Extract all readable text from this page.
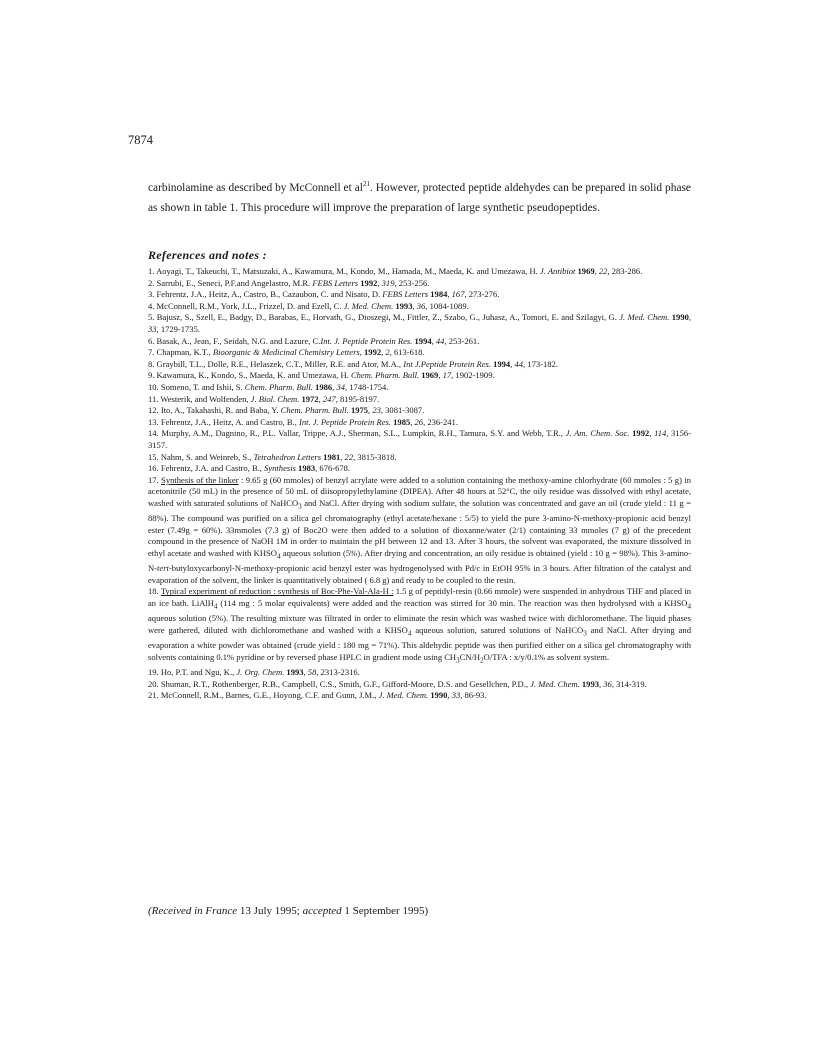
7874
carbinolamine as described by McConnell et $al^{21}$. However, protected peptide aldehydes can be prepared in solid phase as shown in table 1. This procedure will improve the preparation of large synthetic pseudopeptides.
References and notes :

1. Aoyagi, T., Takeuchi, T., Matsuzaki, A., Kawamura, M., Kondo, M., Hamada, M., Maeda, K. and Umezawa, H. J. Antibiot 1969, 22, 283-286.

2. Sarrubi, E., Seneci, P.F.and Angelastro, M.R. FEBS Letters 1992, 319, 253-256.

3. Fehrentz, J.A., Heitz, A., Castro, B., Cazaubon, C. and Nisato, D. FEBS Letters 1984, 167, 273-276.

4. McConnell, R.M., York, J.L., Frizzel, D. and Ezell, C. J. Med. Chem. 1993, 36, 1084-1089.

5. Bajusz, S., Szell, E., Badgy, D., Barabas, E., Horvath, G., Dioszegi, M., Fittler, Z., Szabo, G., Juhasz, A., Tomori, E. and Szilagyi, G. J. Med. Chem. 1990, 33, 1729-1735.

6. Basak, A., Jean, F., Seidah, N.G. and Lazure, C.Int. J. Peptide Protein Res. 1994, 44, 253-261.

7. Chapman, K.T., Bioorganic & Medicinal Chemistry Letters, 1992, 2, 613-618.

8. Graybill, T.L., Dolle, R.E., Helaszek, C.T., Miller, R.E. and Ator, M.A., Int J.Peptide Protein Res. 1994, 44, 173-182.

9. Kawamura, K., Kondo, S., Maeda, K. and Umezawa, H. Chem. Pharm. Bull. 1969, 17, 1902-1909.

10. Someno, T. and Ishii, S. Chem. Pharm. Bull. 1986, 34, 1748-1754.

11. Westerik, and Wolfenden, J. Biol. Chem. 1972, 247, 8195-8197.

12. Ito, A., Takahashi, R. and Baba, Y. Chem. Pharm. Bull. 1975, 23, 3081-3087.

13. Fehrentz, J.A., Heitz, A. and Castro, B., Int. J. Peptide Protein Res. 1985, 26, 236-241.

14. Murphy, A.M., Dagnino, R., P.L. Vallar, Trippe, A.J., Sherman, S.L., Lumpkin, R.H., Tamura, S.Y. and Webb, T.R., J. Am. Chem. Soc. 1992, 114, 3156-3157.

15. Nahm, S. and Weinreb, S., Tetrahedron Letters 1981, 22, 3815-3818.

16. Fehrentz, J.A. and Castro, B., Synthesis 1983, 676-678.

17. Synthesis of the linker : 9.65 g (60 mmoles) of benzyl acrylate were added to a solution containing the methoxy-amine chlorhydrate (60 mmoles : 5 g) in acetonitrile (50 mL) in the presence of 50 mL of diisopropylethylamine (DIPEA). After 48 hours at 52°C, the oily residue was dissolved with ethyl acetate, washed with saturated solutions of NaHCO$_3$ and NaCl. After drying with sodium sulfate, the solution was concentrated and gave an oil (crude yield : 11 g = 88%). The compound was purified on a silica gel chromatography (ethyl acetate/hexane : 5/5) to yield the pure 3-amino-N-methoxy-propionic acid benzyl ester (7.49g = 60%). 33mmoles (7.3 g) of Boc2O were then added to a solution of dioxanne/water (2/1) containing 33 mmoles (7 g) of the precedent compound in the presence of NaOH 1M in order to maintain the pH between 12 and 13. After 3 hours, the solvent was evaporated, the mixture dissolved in ethyl acetate and washed with $KHSO_4$ aqueous solution (5%). After drying and concentration, an oily residue is obtained (yield : 10 g = 98%). This 3-amino-N-tert-butyloxycarbonyl-N-methoxy-propionic acid benzyl ester was hydrogenolysed with Pd/c in EtOH 95% in 3 hours. After filtration of the catalyst and evaporation of the solvent, the linker is quantitatively obtained ( 6.8 g) and ready to be coupled to the resin.

18. Typical experiment of reduction : synthesis of Boc-Phe-Val-Ala-H : 1.5 g of peptidyl-resin (0.66 mmole) were suspended in anhydrous THF and placed in an ice bath. LiAlH$_4$ (114 mg : 5 molar equivalents) were added and the reaction was stirred for 30 min. The reaction was then hydrolysed with a $KHSO_4$ aqueous solution (5%). The resulting mixture was filtrated in order to eliminate the resin which was washed twice with dichloromethane. The liquid phases were gathered, diluted with dichloromethane and washed with a $KHSO_4$ aqueous solution, satured solutions of NaHCO$_3$ and NaCl. After drying and evaporation a white powder was obtained (crude yield : 180 mg = 71%). This aldehydic peptide was then purified either on a silica gel chromatography with solvents containing 0.1% pyridine or by reversed phase HPLC in gradient mode using $CH_3CN/H_2O$/TFA : x/y/0.1% as solvent system.

19. Ho, P.T. and Ngu, K., J. Org. Chem. 1993, 58, 2313-2316.

20. Shuman, R.T., Rothenberger, R.B., Campbell, C.S., Smith, G.F., Gifford-Moore, D.S. and Gesellchen, P.D., J. Med. Chem. 1993, 36, 314-319.

21. McConnell, R.M., Barnes, G.E., Hoyong, C.F. and Gunn, J.M., J. Med. Chem. 1990, 33, 86-93.

(Received in France 13 July 1995; accepted 1 September 1995)
